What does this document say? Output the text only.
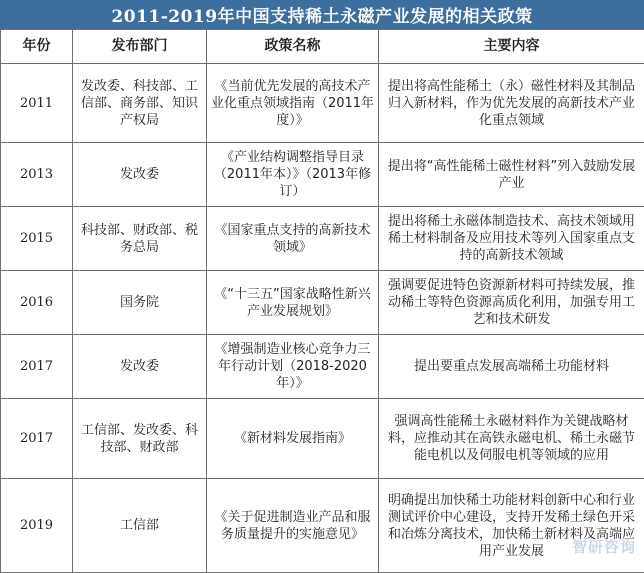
2011-2019年中国支持稀土永磁产业发展的相关政策
年份	发布部门	政策名称	主要内容
2011	发改委、科技部、工信部、商务部、知识产权局	《当前优先发展的高技术产业化重点领域指南（2011年度）》	提出将高性能稀土（永）磁性材料及其制品归入新材料，作为优先发展的高新技术产业化重点领域
2013	发改委	《产业结构调整指导目录（2011年本）》（2013年修订）	提出将“高性能稀土磁性材料”列入鼓励发展产业
2015	科技部、财政部、税务总局	《国家重点支持的高新技术领域》	提出将稀土永磁体制造技术、高技术领域用稀土材料制备及应用技术等列入国家重点支持的高新技术领域
2016	国务院	《“十三五”国家战略性新兴产业发展规划》	强调要促进特色资源新材料可持续发展，推动稀土等特色资源高质化利用，加强专用工艺和技术研发
2017	发改委	《增强制造业核心竞争力三年行动计划（2018-2020年）》	提出要重点发展高端稀土功能材料
2017	工信部、发改委、科技部、财政部	《新材料发展指南》	强调高性能稀土永磁材料作为关键战略材料，应推动其在高铁永磁电机、稀土永磁节能电机以及伺服电机等领域的应用
2019	工信部	《关于促进制造业产品和服务质量提升的实施意见》	明确提出加快稀土功能材料创新中心和行业测试评价中心建设，支持开发稀土绿色开采和冶炼分离技术，加快稀土新材料及高端应用产业发展 智研咨询
